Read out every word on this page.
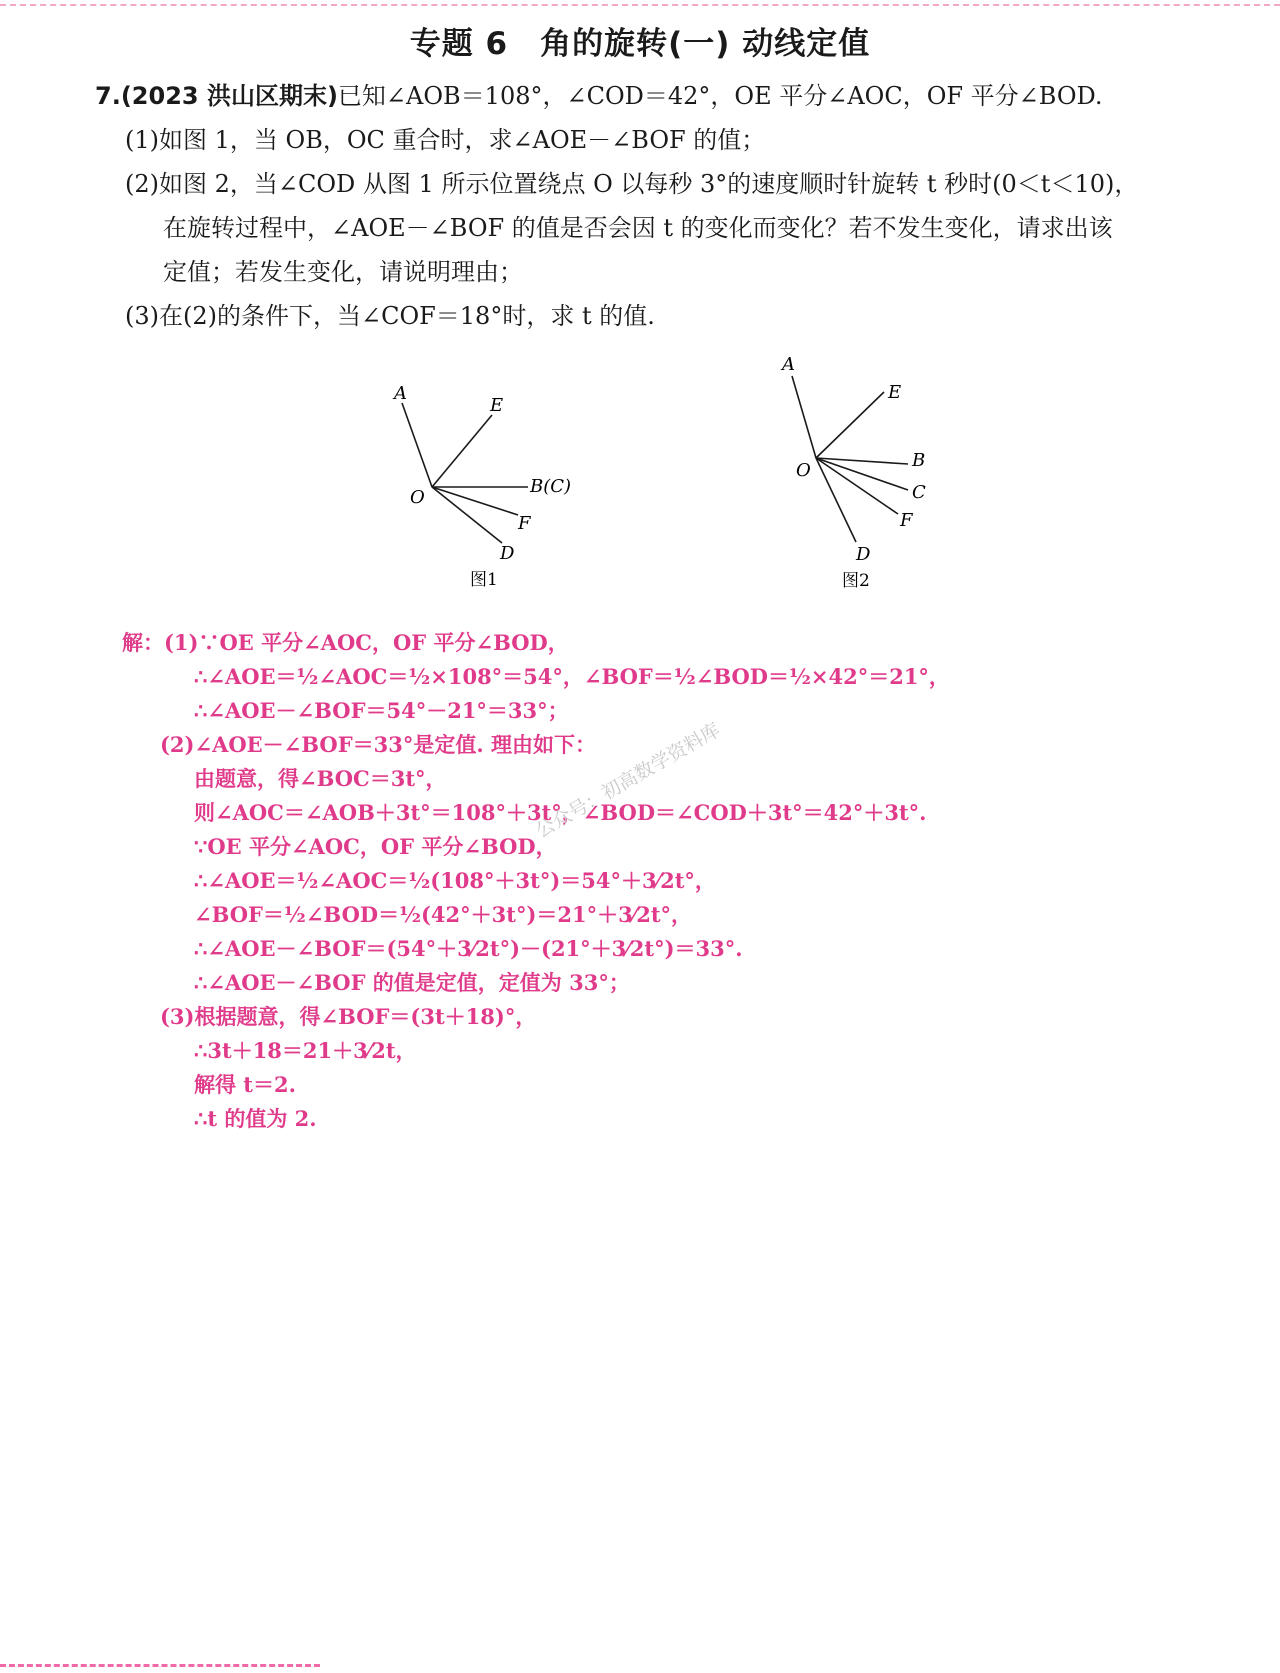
专题 6　角的旋转(一) 动线定值
7.(2023 洪山区期末)已知∠AOB＝108°，∠COD＝42°，OE 平分∠AOC，OF 平分∠BOD.
(1)如图 1，当 OB，OC 重合时，求∠AOE－∠BOF 的值；
(2)如图 2，当∠COD 从图 1 所示位置绕点 O 以每秒 3°的速度顺时针旋转 t 秒时(0＜t＜10)，
在旋转过程中，∠AOE－∠BOF 的值是否会因 t 的变化而变化？若不发生变化，请求出该
定值；若发生变化，请说明理由；
(3)在(2)的条件下，当∠COF＝18°时，求 t 的值.
A
E
O
B(C)
F
D
图1
A
E
O	B
C
F
D
图2
解：(1)∵OE 平分∠AOC，OF 平分∠BOD，
∴∠AOE＝½∠AOC＝½×108°＝54°，∠BOF＝½∠BOD＝½×42°＝21°，
∴∠AOE－∠BOF＝54°－21°＝33°；
(2)∠AOE－∠BOF＝33°是定值. 理由如下：
由题意，得∠BOC＝3t°，
则∠AOC＝∠AOB＋3t°＝108°＋3t°，∠BOD＝∠COD＋3t°＝42°＋3t°.
∵OE 平分∠AOC，OF 平分∠BOD，
∴∠AOE＝½∠AOC＝½(108°＋3t°)＝54°＋3⁄2t°，
∠BOF＝½∠BOD＝½(42°＋3t°)＝21°＋3⁄2t°，
∴∠AOE－∠BOF＝(54°＋3⁄2t°)－(21°＋3⁄2t°)＝33°.
∴∠AOE－∠BOF 的值是定值，定值为 33°；
(3)根据题意，得∠BOF＝(3t＋18)°，
∴3t＋18＝21＋3⁄2t，
解得 t＝2.
∴t 的值为 2.
公众号：初高数学资料库
